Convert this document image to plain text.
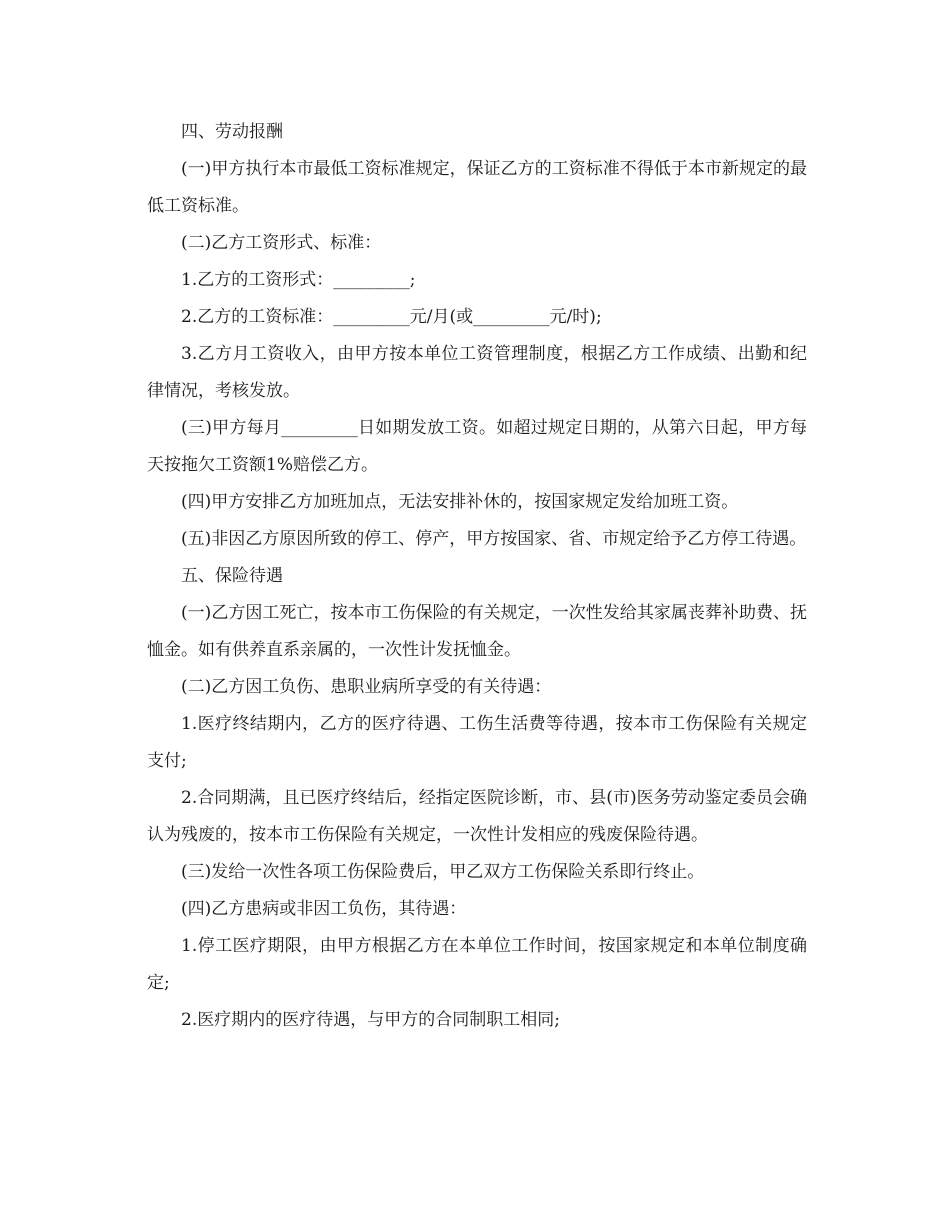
四、劳动报酬

(一)甲方执行本市最低工资标准规定，保证乙方的工资标准不得低于本市新规定的最低工资标准。

(二)乙方工资形式、标准：

1.乙方的工资形式：_________;

2.乙方的工资标准：_________元/月(或_________元/时);

3.乙方月工资收入，由甲方按本单位工资管理制度，根据乙方工作成绩、出勤和纪律情况，考核发放。

(三)甲方每月_________日如期发放工资。如超过规定日期的，从第六日起，甲方每天按拖欠工资额1%赔偿乙方。

(四)甲方安排乙方加班加点，无法安排补休的，按国家规定发给加班工资。

(五)非因乙方原因所致的停工、停产，甲方按国家、省、市规定给予乙方停工待遇。

五、保险待遇

(一)乙方因工死亡，按本市工伤保险的有关规定，一次性发给其家属丧葬补助费、抚恤金。如有供养直系亲属的，一次性计发抚恤金。

(二)乙方因工负伤、患职业病所享受的有关待遇：

1.医疗终结期内，乙方的医疗待遇、工伤生活费等待遇，按本市工伤保险有关规定支付;

2.合同期满，且已医疗终结后，经指定医院诊断，市、县(市)医务劳动鉴定委员会确认为残废的，按本市工伤保险有关规定，一次性计发相应的残废保险待遇。

(三)发给一次性各项工伤保险费后，甲乙双方工伤保险关系即行终止。

(四)乙方患病或非因工负伤，其待遇：

1.停工医疗期限，由甲方根据乙方在本单位工作时间，按国家规定和本单位制度确定;

2.医疗期内的医疗待遇，与甲方的合同制职工相同;
